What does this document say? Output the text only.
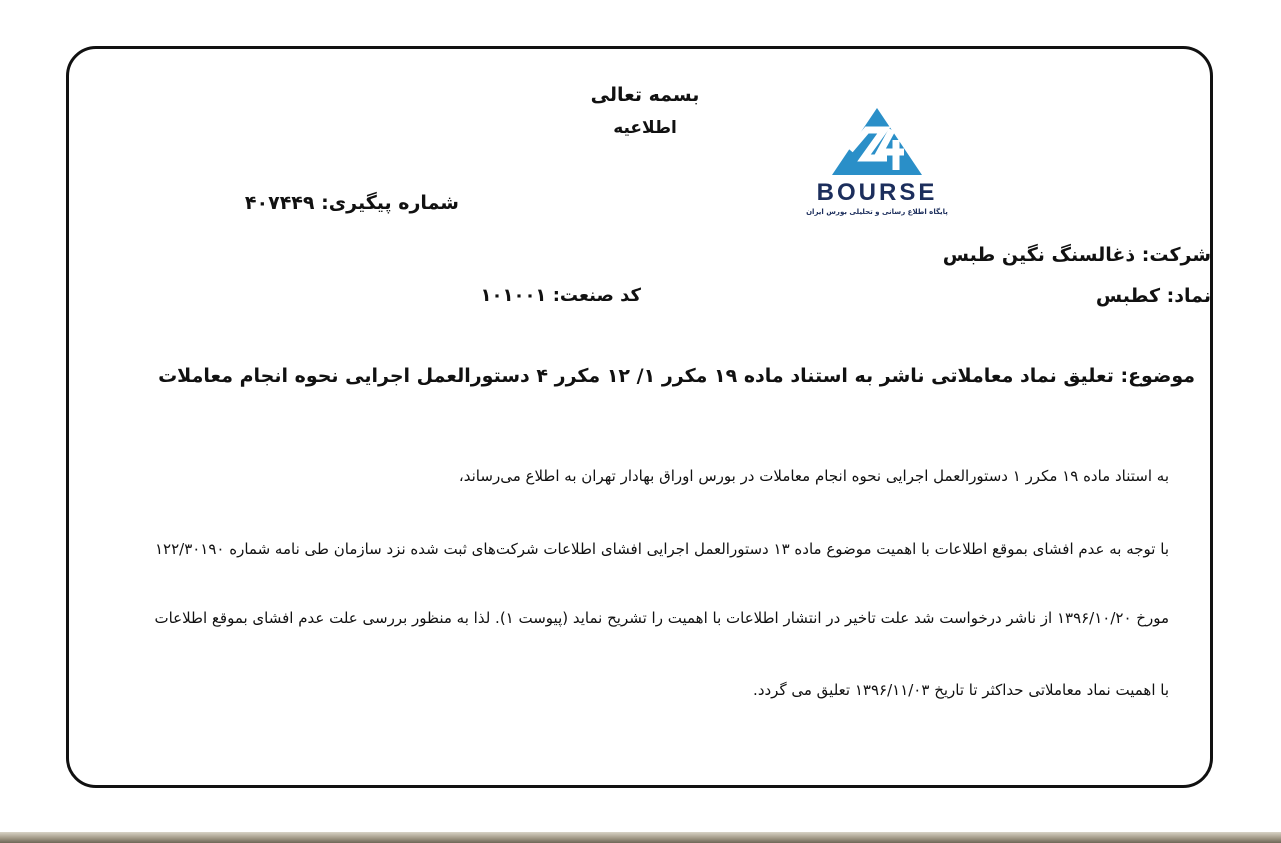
بسمه تعالی
اطلاعیه
BOURSE
پایگاه اطلاع رسانی و تحلیلی بورس ایران
شماره پیگیری: ۴۰۷۴۴۹
شرکت: ذغالسنگ نگین طبس
کد صنعت: ۱۰۱۰۰۱	نماد: کطبس
موضوع: تعلیق نماد معاملاتی ناشر به استناد ماده ۱۹ مکرر ۱/ ۱۲ مکرر ۴ دستورالعمل اجرایی نحوه انجام معاملات
به استناد ماده ۱۹ مکرر ۱ دستورالعمل اجرایی نحوه انجام معاملات در بورس اوراق بهادار تهران به اطلاع می‌رساند،
با توجه به عدم افشای بموقع اطلاعات با اهمیت موضوع ماده ۱۳ دستورالعمل اجرایی افشای اطلاعات شرکت‌های ثبت شده نزد سازمان طی نامه شماره ۱۲۲/۳۰۱۹۰
مورخ ۱۳۹۶/۱۰/۲۰ از ناشر درخواست شد علت تاخیر در انتشار اطلاعات با اهمیت را تشریح نماید (پیوست ۱). لذا به منظور بررسی علت عدم افشای بموقع اطلاعات
با اهمیت نماد معاملاتی حداکثر تا تاریخ ۱۳۹۶/۱۱/۰۳ تعلیق می گردد.
